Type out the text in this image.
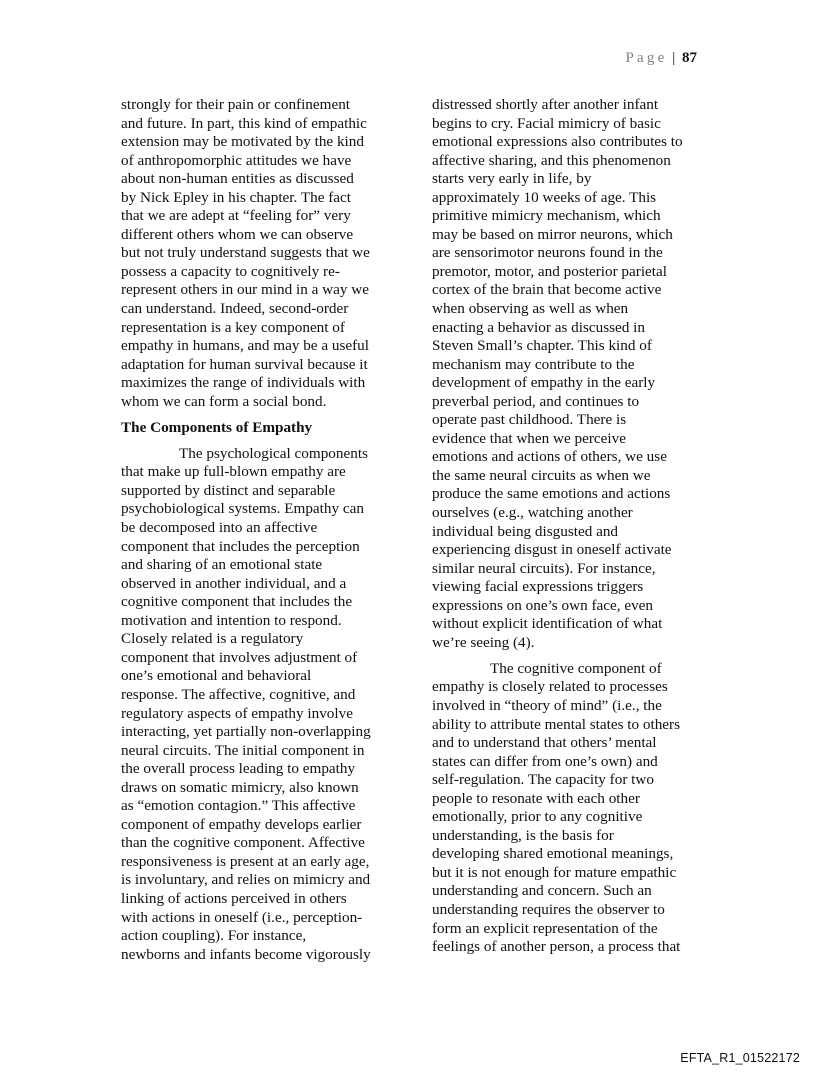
Page | 87
strongly for their pain or confinement
and future. In part, this kind of empathic
extension may be motivated by the kind
of anthropomorphic attitudes we have
about non-human entities as discussed
by Nick Epley in his chapter. The fact
that we are adept at “feeling for” very
different others whom we can observe
but not truly understand suggests that we
possess a capacity to cognitively re-
represent others in our mind in a way we
can understand. Indeed, second-order
representation is a key component of
empathy in humans, and may be a useful
adaptation for human survival because it
maximizes the range of individuals with
whom we can form a social bond.
The Components of Empathy
The psychological components
that make up full-blown empathy are
supported by distinct and separable
psychobiological systems. Empathy can
be decomposed into an affective
component that includes the perception
and sharing of an emotional state
observed in another individual, and a
cognitive component that includes the
motivation and intention to respond.
Closely related is a regulatory
component that involves adjustment of
one’s emotional and behavioral
response. The affective, cognitive, and
regulatory aspects of empathy involve
interacting, yet partially non-overlapping
neural circuits. The initial component in
the overall process leading to empathy
draws on somatic mimicry, also known
as “emotion contagion.” This affective
component of empathy develops earlier
than the cognitive component. Affective
responsiveness is present at an early age,
is involuntary, and relies on mimicry and
linking of actions perceived in others
with actions in oneself (i.e., perception-
action coupling). For instance,
newborns and infants become vigorously
distressed shortly after another infant
begins to cry. Facial mimicry of basic
emotional expressions also contributes to
affective sharing, and this phenomenon
starts very early in life, by
approximately 10 weeks of age. This
primitive mimicry mechanism, which
may be based on mirror neurons, which
are sensorimotor neurons found in the
premotor, motor, and posterior parietal
cortex of the brain that become active
when observing as well as when
enacting a behavior as discussed in
Steven Small’s chapter. This kind of
mechanism may contribute to the
development of empathy in the early
preverbal period, and continues to
operate past childhood. There is
evidence that when we perceive
emotions and actions of others, we use
the same neural circuits as when we
produce the same emotions and actions
ourselves (e.g., watching another
individual being disgusted and
experiencing disgust in oneself activate
similar neural circuits). For instance,
viewing facial expressions triggers
expressions on one’s own face, even
without explicit identification of what
we’re seeing (4).
The cognitive component of
empathy is closely related to processes
involved in “theory of mind” (i.e., the
ability to attribute mental states to others
and to understand that others’ mental
states can differ from one’s own) and
self-regulation. The capacity for two
people to resonate with each other
emotionally, prior to any cognitive
understanding, is the basis for
developing shared emotional meanings,
but it is not enough for mature empathic
understanding and concern. Such an
understanding requires the observer to
form an explicit representation of the
feelings of another person, a process that
EFTA_R1_01522172
